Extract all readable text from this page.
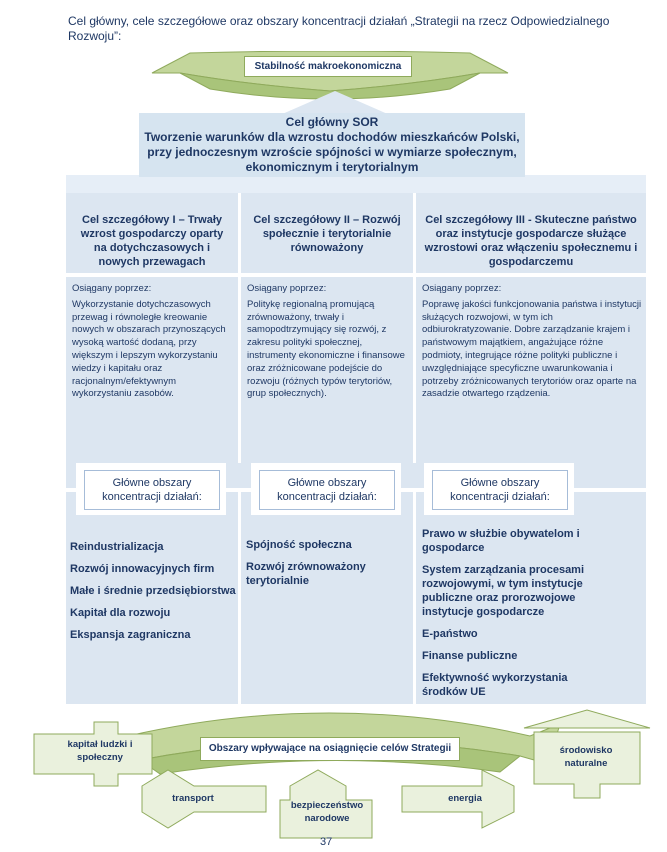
Cel główny, cele szczegółowe oraz obszary koncentracji działań „Strategii na rzecz Odpowiedzialnego Rozwoju”:
Stabilność makroekonomiczna
Cel główny SOR
Tworzenie warunków dla wzrostu dochodów mieszkańców Polski, przy jednoczesnym wzroście spójności w wymiarze społecznym, ekonomicznym i terytorialnym
Cel szczegółowy I – Trwały wzrost gospodarczy oparty na dotychczasowych i nowych przewagach
Osiągany poprzez:
Wykorzystanie dotychczasowych przewag i równoległe kreowanie nowych w obszarach przynoszących wysoką wartość dodaną, przy większym i lepszym wykorzystaniu wiedzy i kapitału oraz racjonalnym/efektywnym wykorzystaniu zasobów.
Cel szczegółowy II – Rozwój społecznie i terytorialnie równoważony
Osiągany poprzez:
Politykę regionalną promującą zrównoważony, trwały i samopodtrzymujący się rozwój, z zakresu polityki społecznej, instrumenty ekonomiczne i finansowe oraz zróżnicowane podejście do rozwoju (różnych typów terytoriów, grup społecznych).
Cel szczegółowy III - Skuteczne państwo oraz instytucje gospodarcze służące wzrostowi oraz włączeniu społecznemu i gospodarczemu
Osiągany poprzez:
Poprawę jakości funkcjonowania państwa i instytucji służących rozwojowi, w tym ich odbiurokratyzowanie. Dobre zarządzanie krajem i państwowym majątkiem, angażujące różne podmioty, integrujące różne polityki publiczne i uwzględniające specyficzne uwarunkowania i potrzeby zróżnicowanych terytoriów oraz oparte na zasadzie otwartego rządzenia.
Główne obszary koncentracji działań:
Główne obszary koncentracji działań:
Główne obszary koncentracji działań:
Reindustrializacja
Rozwój innowacyjnych firm
Małe i średnie przedsiębiorstwa
Kapitał dla rozwoju
Ekspansja zagraniczna
Spójność społeczna
Rozwój zrównoważony terytorialnie
Prawo w służbie obywatelom i gospodarce
System zarządzania procesami rozwojowymi, w tym instytucje publiczne oraz prorozwojowe instytucje gospodarcze
E-państwo
Finanse publiczne
Efektywność wykorzystania środków UE
Obszary wpływające na osiągnięcie celów Strategii
kapitał ludzki i społeczny
środowisko naturalne
transport
bezpieczeństwo narodowe
energia
37
